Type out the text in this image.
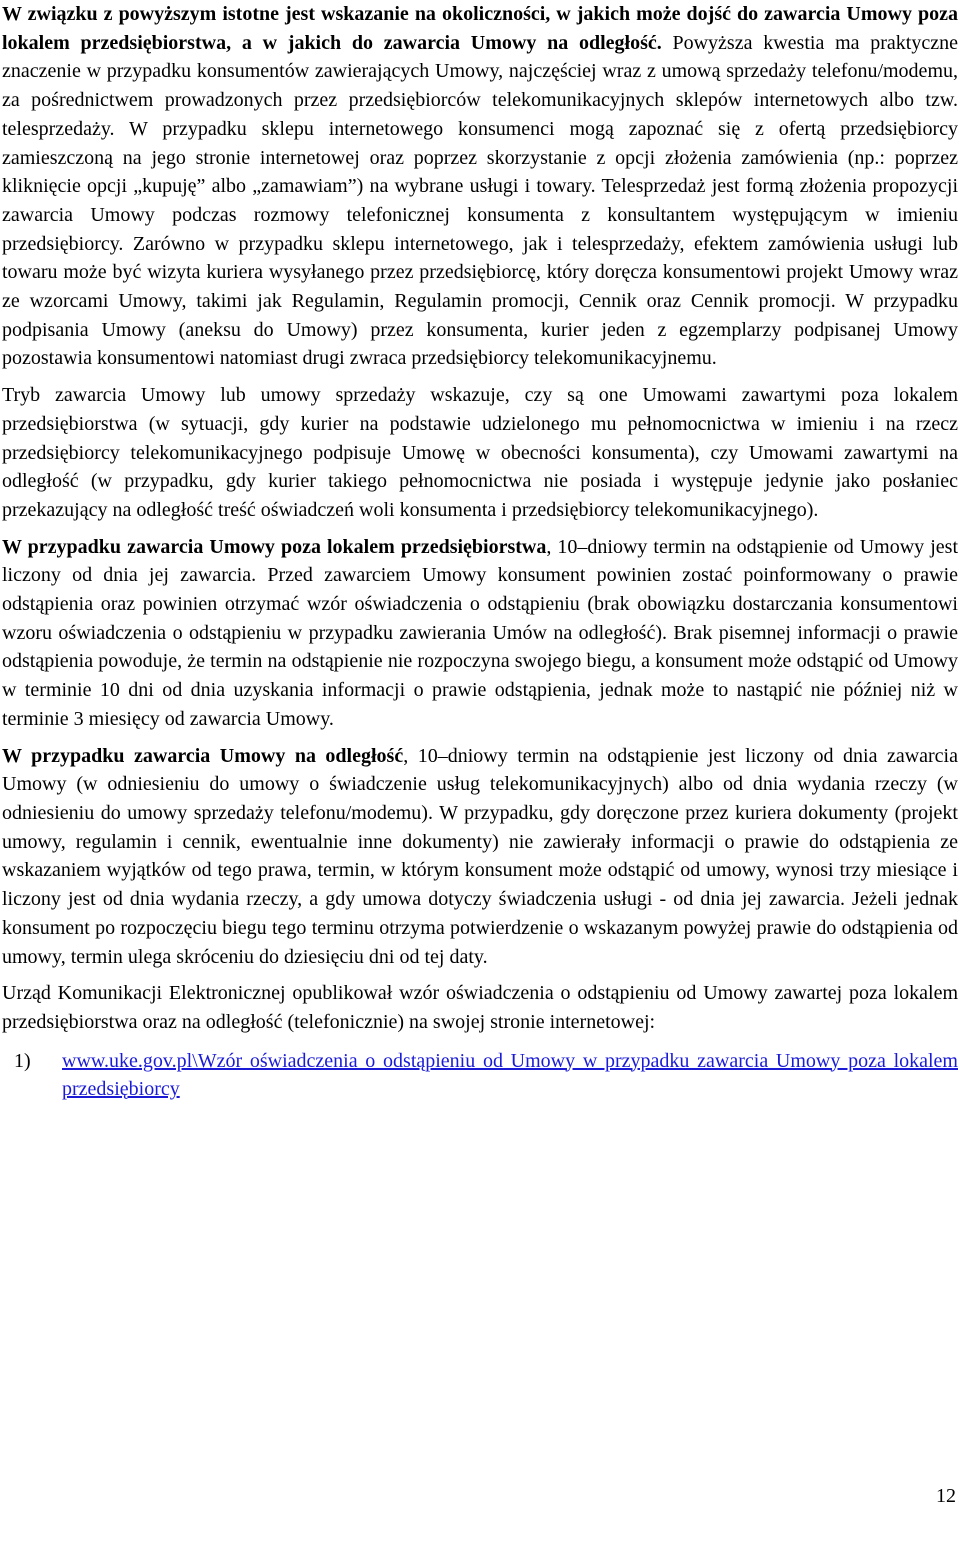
W związku z powyższym istotne jest wskazanie na okoliczności, w jakich może dojść do zawarcia Umowy poza lokalem przedsiębiorstwa, a w jakich do zawarcia Umowy na odległość. Powyższa kwestia ma praktyczne znaczenie w przypadku konsumentów zawierających Umowy, najczęściej wraz z umową sprzedaży telefonu/modemu, za pośrednictwem prowadzonych przez przedsiębiorców telekomunikacyjnych sklepów internetowych albo tzw. telesprzedaży. W przypadku sklepu internetowego konsumenci mogą zapoznać się z ofertą przedsiębiorcy zamieszczoną na jego stronie internetowej oraz poprzez skorzystanie z opcji złożenia zamówienia (np.: poprzez kliknięcie opcji „kupuję” albo „zamawiam”) na wybrane usługi i towary. Telesprzedaż jest formą złożenia propozycji zawarcia Umowy podczas rozmowy telefonicznej konsumenta z konsultantem występującym w imieniu przedsiębiorcy. Zarówno w przypadku sklepu internetowego, jak i telesprzedaży, efektem zamówienia usługi lub towaru może być wizyta kuriera wysyłanego przez przedsiębiorcę, który doręcza konsumentowi projekt Umowy wraz ze wzorcami Umowy, takimi jak Regulamin, Regulamin promocji, Cennik oraz Cennik promocji. W przypadku podpisania Umowy (aneksu do Umowy) przez konsumenta, kurier jeden z egzemplarzy podpisanej Umowy pozostawia konsumentowi natomiast drugi zwraca przedsiębiorcy telekomunikacyjnemu.

Tryb zawarcia Umowy lub umowy sprzedaży wskazuje, czy są one Umowami zawartymi poza lokalem przedsiębiorstwa (w sytuacji, gdy kurier na podstawie udzielonego mu pełnomocnictwa w imieniu i na rzecz przedsiębiorcy telekomunikacyjnego podpisuje Umowę w obecności konsumenta), czy Umowami zawartymi na odległość (w przypadku, gdy kurier takiego pełnomocnictwa nie posiada i występuje jedynie jako posłaniec przekazujący na odległość treść oświadczeń woli konsumenta i przedsiębiorcy telekomunikacyjnego).

W przypadku zawarcia Umowy poza lokalem przedsiębiorstwa, 10–dniowy termin na odstąpienie od Umowy jest liczony od dnia jej zawarcia. Przed zawarciem Umowy konsument powinien zostać poinformowany o prawie odstąpienia oraz powinien otrzymać wzór oświadczenia o odstąpieniu (brak obowiązku dostarczania konsumentowi wzoru oświadczenia o odstąpieniu w przypadku zawierania Umów na odległość). Brak pisemnej informacji o prawie odstąpienia powoduje, że termin na odstąpienie nie rozpoczyna swojego biegu, a konsument może odstąpić od Umowy w terminie 10 dni od dnia uzyskania informacji o prawie odstąpienia, jednak może to nastąpić nie później niż w terminie 3 miesięcy od zawarcia Umowy.

W przypadku zawarcia Umowy na odległość, 10–dniowy termin na odstąpienie jest liczony od dnia zawarcia Umowy (w odniesieniu do umowy o świadczenie usług telekomunikacyjnych) albo od dnia wydania rzeczy (w odniesieniu do umowy sprzedaży telefonu/modemu). W przypadku, gdy doręczone przez kuriera dokumenty (projekt umowy, regulamin i cennik, ewentualnie inne dokumenty) nie zawierały informacji o prawie do odstąpienia ze wskazaniem wyjątków od tego prawa, termin, w którym konsument może odstąpić od umowy, wynosi trzy miesiące i liczony jest od dnia wydania rzeczy, a gdy umowa dotyczy świadczenia usługi - od dnia jej zawarcia. Jeżeli jednak konsument po rozpoczęciu biegu tego terminu otrzyma potwierdzenie o wskazanym powyżej prawie do odstąpienia od umowy, termin ulega skróceniu do dziesięciu dni od tej daty.

Urząd Komunikacji Elektronicznej opublikował wzór oświadczenia o odstąpieniu od Umowy zawartej poza lokalem przedsiębiorstwa oraz na odległość (telefonicznie) na swojej stronie internetowej:

1)	www.uke.gov.pl\Wzór oświadczenia o odstąpieniu od Umowy w przypadku zawarcia Umowy poza lokalem przedsiębiorcy
12
